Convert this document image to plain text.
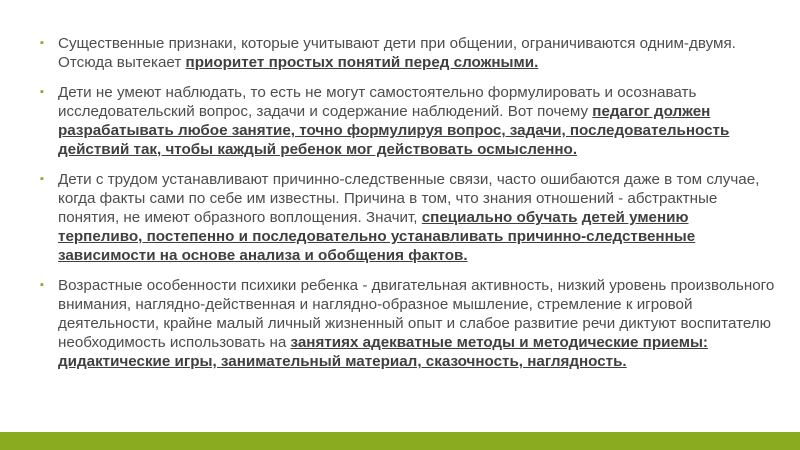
▪ Существенные признаки, которые учитывают дети при общении, ограничиваются одним-двумя. Отсюда вытекает приоритет простых понятий перед сложными.
▪ Дети не умеют наблюдать, то есть не могут самостоятельно формулировать и осознавать исследовательский вопрос, задачи и содержание наблюдений. Вот почему педагог должен разрабатывать любое занятие, точно формулируя вопрос, задачи, последовательность действий так, чтобы каждый ребенок мог действовать осмысленно.
▪ Дети с трудом устанавливают причинно-следственные связи, часто ошибаются даже в том случае, когда факты сами по себе им известны. Причина в том, что знания отношений - абстрактные понятия, не имеют образного воплощения. Значит, специально обучать детей умению терпеливо, постепенно и последовательно устанавливать причинно-следственные зависимости на основе анализа и обобщения фактов.
▪ Возрастные особенности психики ребенка - двигательная активность, низкий уровень произвольного внимания, наглядно-действенная и наглядно-образное мышление, стремление к игровой деятельности, крайне малый личный жизненный опыт и слабое развитие речи диктуют воспитателю необходимость использовать на занятиях адекватные методы и методические приемы: дидактические игры, занимательный материал, сказочность, наглядность.
